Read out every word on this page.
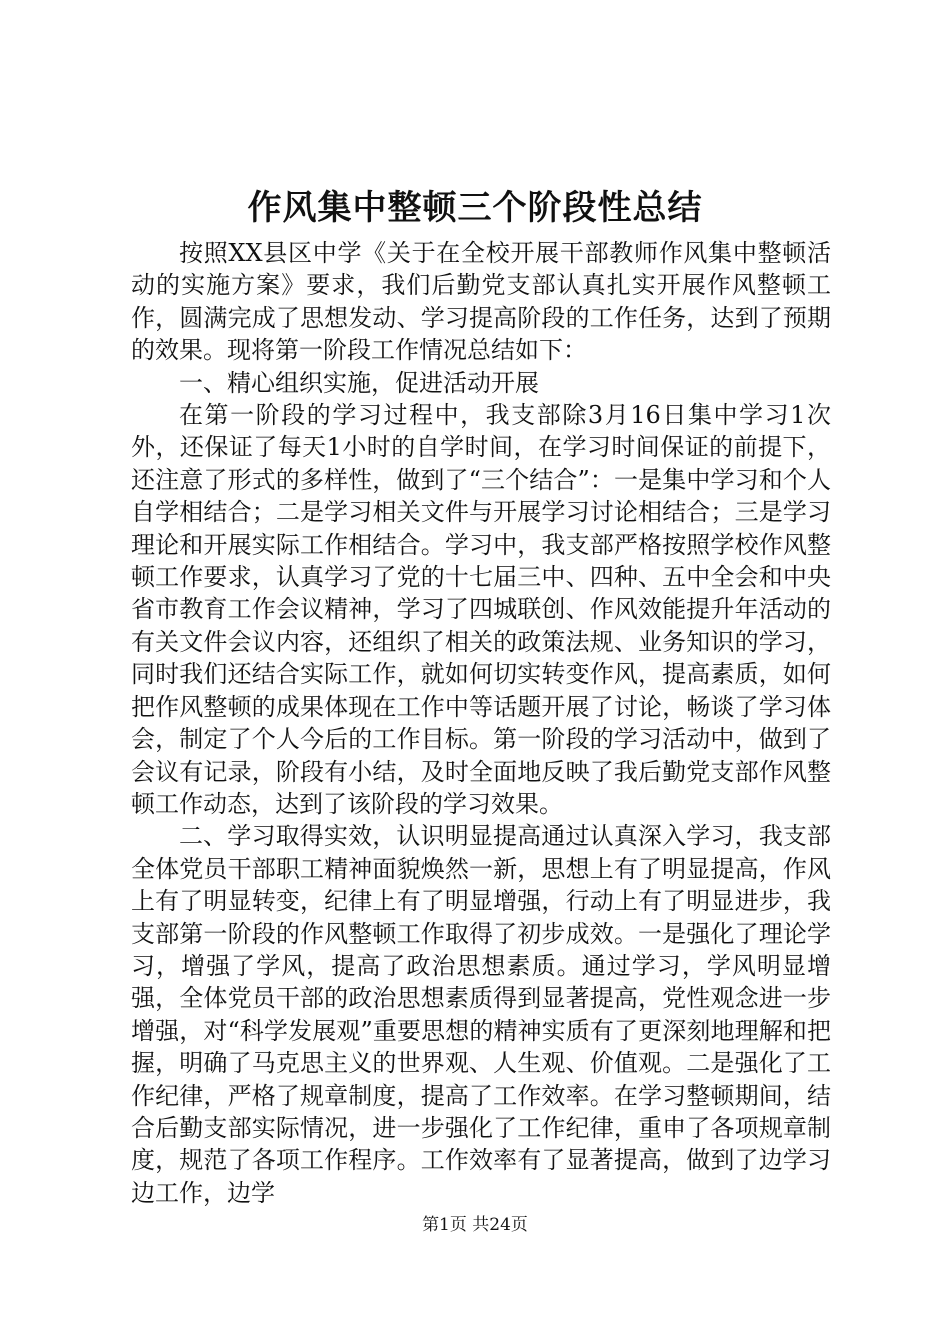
作风集中整顿三个阶段性总结

按照XX县区中学《关于在全校开展干部教师作风集中整顿活动的实施方案》要求，我们后勤党支部认真扎实开展作风整顿工作，圆满完成了思想发动、学习提高阶段的工作任务，达到了预期的效果。现将第一阶段工作情况总结如下：

一、精心组织实施，促进活动开展

在第一阶段的学习过程中，我支部除3月16日集中学习1次外，还保证了每天1小时的自学时间，在学习时间保证的前提下，还注意了形式的多样性，做到了“三个结合”：一是集中学习和个人自学相结合；二是学习相关文件与开展学习讨论相结合；三是学习理论和开展实际工作相结合。学习中，我支部严格按照学校作风整顿工作要求，认真学习了党的十七届三中、四种、五中全会和中央省市教育工作会议精神，学习了四城联创、作风效能提升年活动的有关文件会议内容，还组织了相关的政策法规、业务知识的学习，同时我们还结合实际工作，就如何切实转变作风，提高素质，如何把作风整顿的成果体现在工作中等话题开展了讨论，畅谈了学习体会，制定了个人今后的工作目标。第一阶段的学习活动中，做到了会议有记录，阶段有小结，及时全面地反映了我后勤党支部作风整顿工作动态，达到了该阶段的学习效果。

二、学习取得实效，认识明显提高通过认真深入学习，我支部全体党员干部职工精神面貌焕然一新，思想上有了明显提高，作风上有了明显转变，纪律上有了明显增强，行动上有了明显进步，我支部第一阶段的作风整顿工作取得了初步成效。一是强化了理论学习，增强了学风，提高了政治思想素质。通过学习，学风明显增强，全体党员干部的政治思想素质得到显著提高，党性观念进一步增强，对“科学发展观”重要思想的精神实质有了更深刻地理解和把握，明确了马克思主义的世界观、人生观、价值观。二是强化了工作纪律，严格了规章制度，提高了工作效率。在学习整顿期间，结合后勤支部实际情况，进一步强化了工作纪律，重申了各项规章制度，规范了各项工作程序。工作效率有了显著提高，做到了边学习边工作，边学

第1页 共24页
